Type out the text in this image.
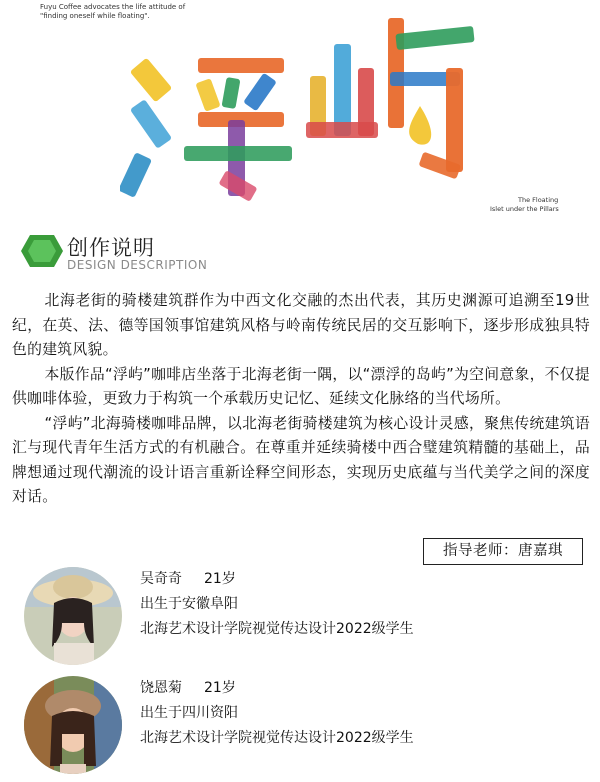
Fuyu Coffee advocates the life attitude of
"finding oneself while floating".
The Floating
Islet under the Pillars
创作说明
DESIGN DESCRIPTION

北海老街的骑楼建筑群作为中西文化交融的杰出代表，其历史渊源可追溯至19世纪，在英、法、德等国领事馆建筑风格与岭南传统民居的交互影响下，逐步形成独具特色的建筑风貌。

本版作品“浮屿”咖啡店坐落于北海老街一隅，以“漂浮的岛屿”为空间意象，不仅提供咖啡体验，更致力于构筑一个承载历史记忆、延续文化脉络的当代场所。

“浮屿”北海骑楼咖啡品牌，以北海老街骑楼建筑为核心设计灵感，聚焦传统建筑语汇与现代青年生活方式的有机融合。在尊重并延续骑楼中西合璧建筑精髓的基础上，品牌想通过现代潮流的设计语言重新诠释空间形态，实现历史底蕴与当代美学之间的深度对话。

指导老师：唐嘉琪
吴奇奇 21岁
出生于安徽阜阳
北海艺术设计学院视觉传达设计2022级学生
饶恩菊 21岁
出生于四川资阳
北海艺术设计学院视觉传达设计2022级学生
